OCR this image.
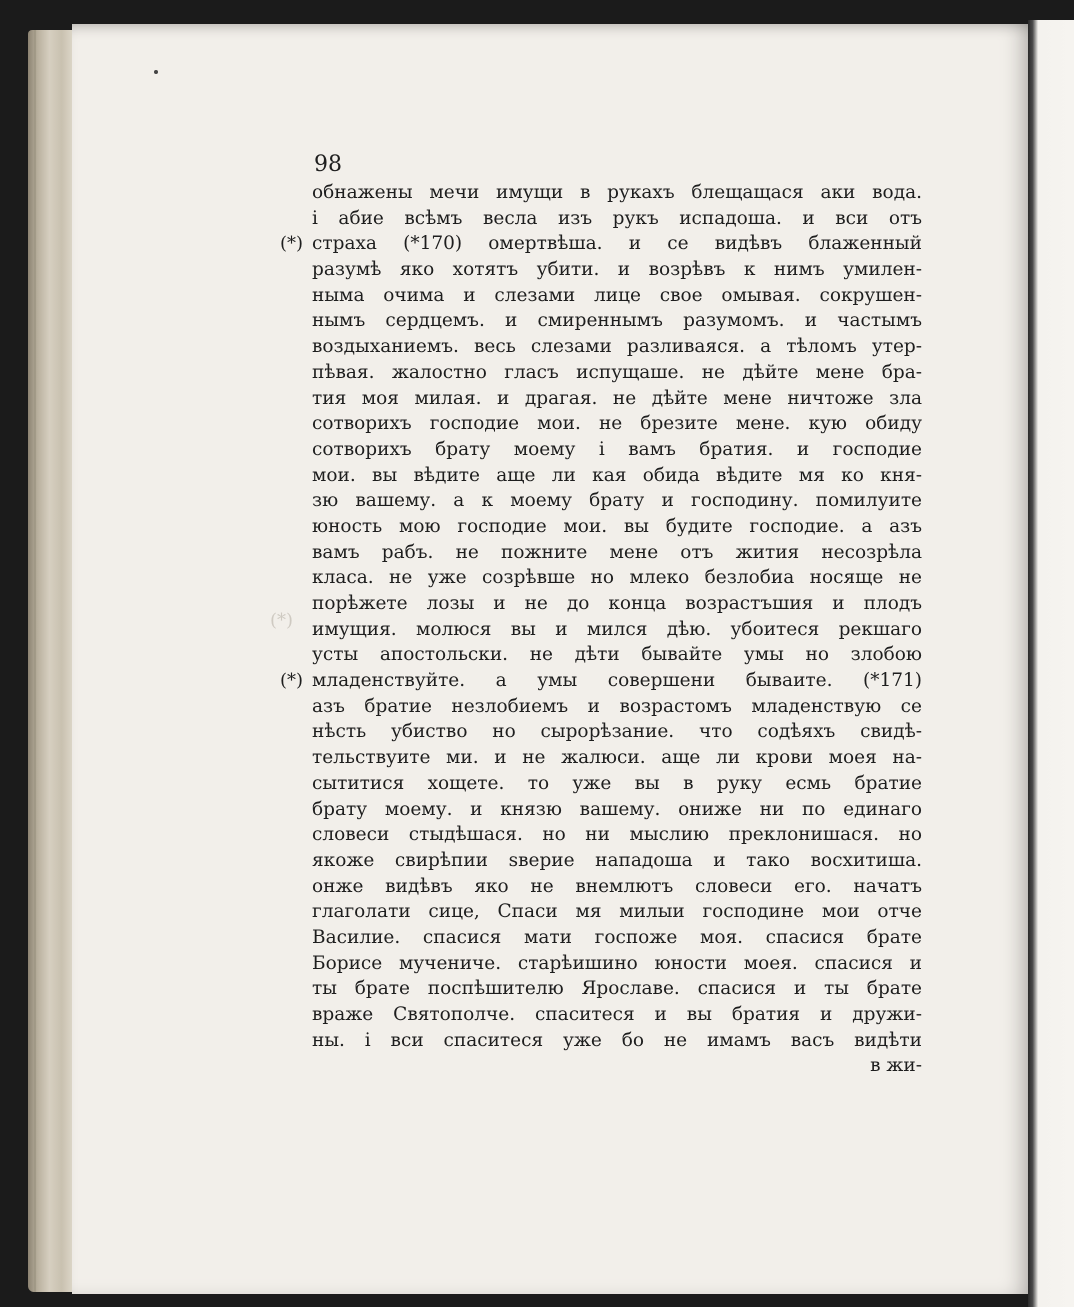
98
(*)
(*)
(*)
обнажены мечи имущи в рукахъ блещащася аки вода.
і абие всѣмъ весла изъ рукъ испадоша. и вси отъ
страха (*170) омертвѣша. и се видѣвъ блаженный
разумѣ яко хотятъ убити. и возрѣвъ к нимъ умилен-
ныма очима и слезами лице свое омывая. сокрушен-
нымъ сердцемъ. и смиреннымъ разумомъ. и частымъ
воздыханиемъ. весь слезами разливаяся. а тѣломъ утер-
пѣвая. жалостно гласъ испущаше. не дѣйте мене бра-
тия моя милая. и драгая. не дѣйте мене ничтоже зла
сотворихъ господие мои. не брезите мене. кую обиду
сотворихъ брату моему і вамъ братия. и господие
мои. вы вѣдите аще ли кая обида вѣдите мя ко кня-
зю вашему. а к моему брату и господину. помилуите
юность мою господие мои. вы будите господие. а азъ
вамъ рабъ. не пожните мене отъ жития несозрѣла
класа. не уже созрѣвше но млеко безлобиа носяще не
порѣжете лозы и не до конца возрастъшия и плодъ
имущия. молюся вы и мился дѣю. убоитеся рекшаго
усты апостольски. не дѣти бывайте умы но злобою
младенствуйте. а умы совершени бываите. (*171)
азъ братие незлобиемъ и возрастомъ младенствую се
нѣсть убиство но сырорѣзание. что содѣяхъ свидѣ-
тельствуите ми. и не жалюси. аще ли крови моея на-
сытитися хощете. то уже вы в руку есмь братие
брату моему. и князю вашему. ониже ни по единаго
словеси стыдѣшася. но ни мыслию преклонишася. но
якоже свирѣпии ѕверие нападоша и тако восхитиша.
онже видѣвъ яко не внемлютъ словеси его. начатъ
глаголати сице, Спаси мя милыи господине мои отче
Василие. спасися мати госпоже моя. спасися брате
Борисе мучениче. старѣишино юности моея. спасися и
ты брате поспѣшителю Ярославе. спасися и ты брате
враже Святополче. спаситеся и вы братия и дружи-
ны. і вси спаситеся уже бо не имамъ васъ видѣти
в жи-
